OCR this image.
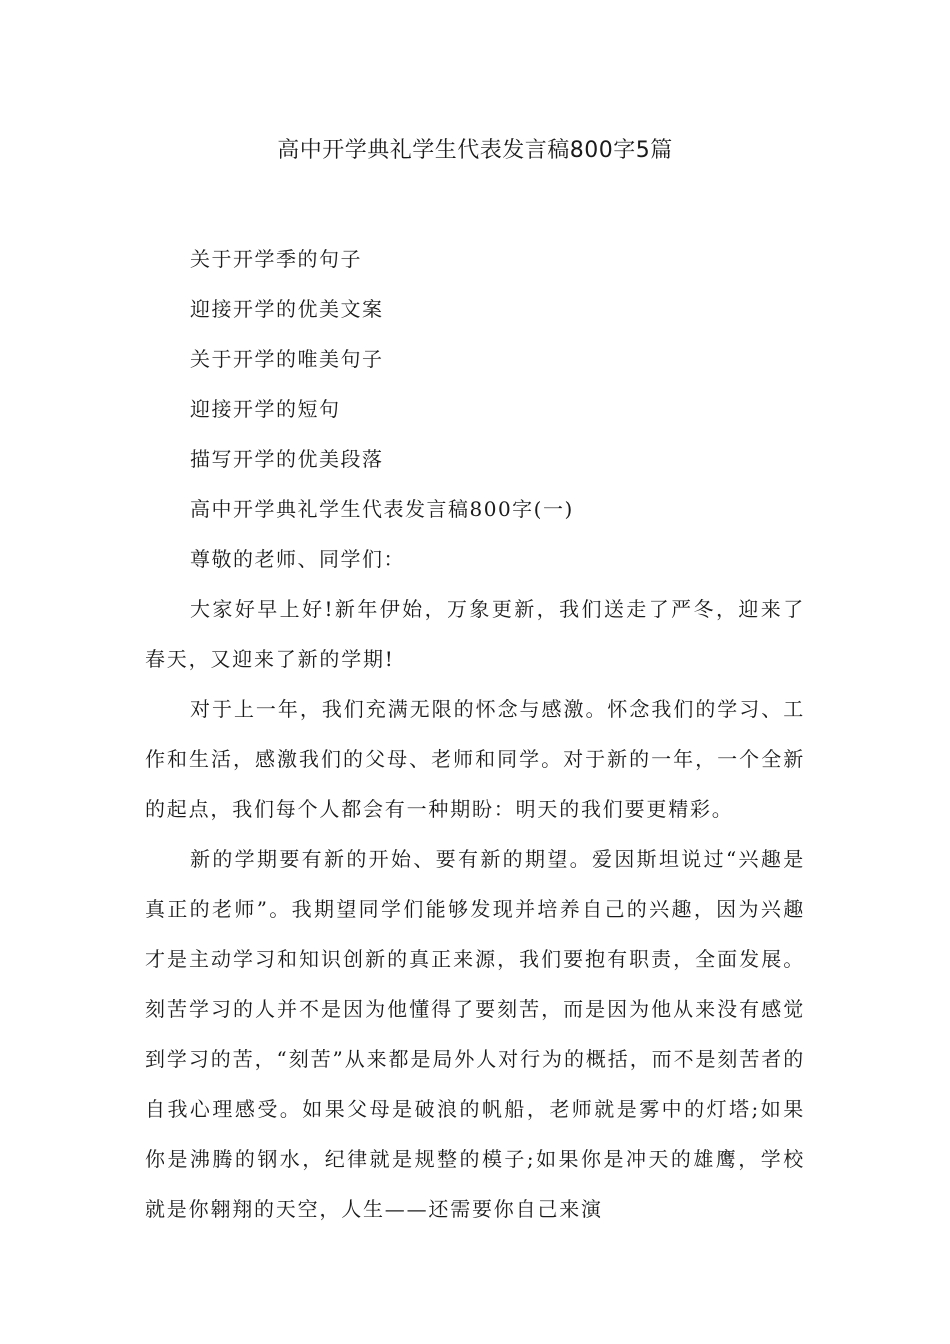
高中开学典礼学生代表发言稿800字5篇
关于开学季的句子
迎接开学的优美文案
关于开学的唯美句子
迎接开学的短句
描写开学的优美段落
高中开学典礼学生代表发言稿800字(一)
尊敬的老师、同学们：

大家好早上好!新年伊始，万象更新，我们送走了严冬，迎来了春天，又迎来了新的学期!

对于上一年，我们充满无限的怀念与感激。怀念我们的学习、工作和生活，感激我们的父母、老师和同学。对于新的一年，一个全新的起点，我们每个人都会有一种期盼：明天的我们要更精彩。

新的学期要有新的开始、要有新的期望。爱因斯坦说过“兴趣是真正的老师”。我期望同学们能够发现并培养自己的兴趣，因为兴趣才是主动学习和知识创新的真正来源，我们要抱有职责，全面发展。刻苦学习的人并不是因为他懂得了要刻苦，而是因为他从来没有感觉到学习的苦，“刻苦”从来都是局外人对行为的概括，而不是刻苦者的自我心理感受。如果父母是破浪的帆船，老师就是雾中的灯塔;如果你是沸腾的钢水，纪律就是规整的模子;如果你是冲天的雄鹰，学校就是你翱翔的天空，人生——还需要你自己来演
